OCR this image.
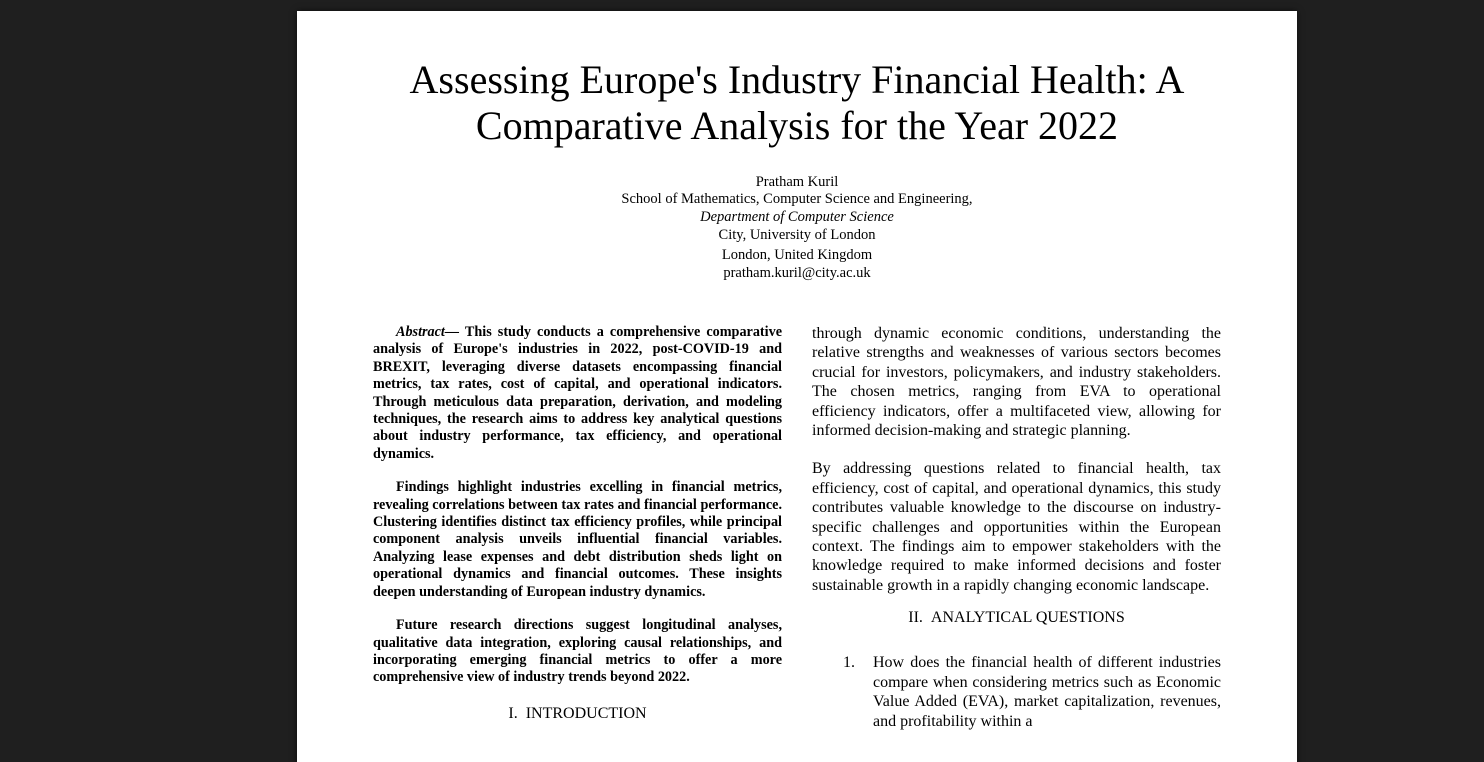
Assessing Europe's Industry Financial Health: A
Comparative Analysis for the Year 2022
Pratham Kuril
School of Mathematics, Computer Science and Engineering,
Department of Computer Science
City, University of London
London, United Kingdom
pratham.kuril@city.ac.uk

Abstract— This study conducts a comprehensive comparative analysis of Europe's industries in 2022, post-COVID-19 and BREXIT, leveraging diverse datasets encompassing financial metrics, tax rates, cost of capital, and operational indicators. Through meticulous data preparation, derivation, and modeling techniques, the research aims to address key analytical questions about industry performance, tax efficiency, and operational dynamics.

Findings highlight industries excelling in financial metrics, revealing correlations between tax rates and financial performance. Clustering identifies distinct tax efficiency profiles, while principal component analysis unveils influential financial variables. Analyzing lease expenses and debt distribution sheds light on operational dynamics and financial outcomes. These insights deepen understanding of European industry dynamics.

Future research directions suggest longitudinal analyses, qualitative data integration, exploring causal relationships, and incorporating emerging financial metrics to offer a more comprehensive view of industry trends beyond 2022.

I. INTRODUCTION

through dynamic economic conditions, understanding the relative strengths and weaknesses of various sectors becomes crucial for investors, policymakers, and industry stakeholders. The chosen metrics, ranging from EVA to operational efficiency indicators, offer a multifaceted view, allowing for informed decision-making and strategic planning.

By addressing questions related to financial health, tax efficiency, cost of capital, and operational dynamics, this study contributes valuable knowledge to the discourse on industry-specific challenges and opportunities within the European context. The findings aim to empower stakeholders with the knowledge required to make informed decisions and foster sustainable growth in a rapidly changing economic landscape.

II. ANALYTICAL QUESTIONS

1. How does the financial health of different industries compare when considering metrics such as Economic Value Added (EVA), market capitalization, revenues, and profitability within a
